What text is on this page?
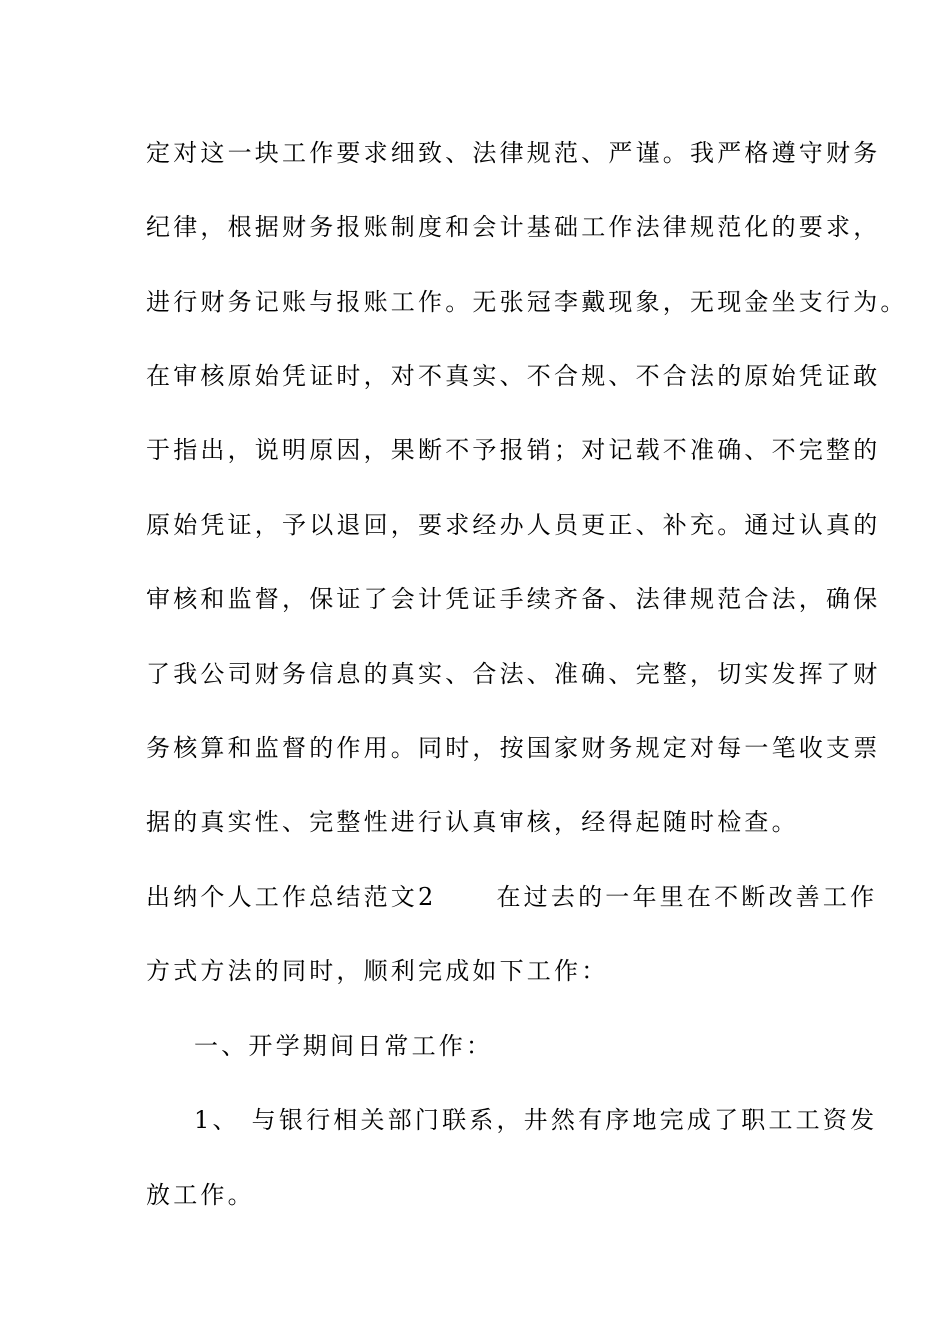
定对这一块工作要求细致、法律规范、严谨。我严格遵守财务
纪律，根据财务报账制度和会计基础工作法律规范化的要求，
进行财务记账与报账工作。无张冠李戴现象，无现金坐支行为。
在审核原始凭证时，对不真实、不合规、不合法的原始凭证敢
于指出，说明原因，果断不予报销；对记载不准确、不完整的
原始凭证，予以退回，要求经办人员更正、补充。通过认真的
审核和监督，保证了会计凭证手续齐备、法律规范合法，确保
了我公司财务信息的真实、合法、准确、完整，切实发挥了财
务核算和监督的作用。同时，按国家财务规定对每一笔收支票
据的真实性、完整性进行认真审核，经得起随时检查。
出纳个人工作总结范文2	在过去的一年里在不断改善工作
方式方法的同时，顺利完成如下工作：
一、开学期间日常工作：
1、 与银行相关部门联系，井然有序地完成了职工工资发
放工作。
